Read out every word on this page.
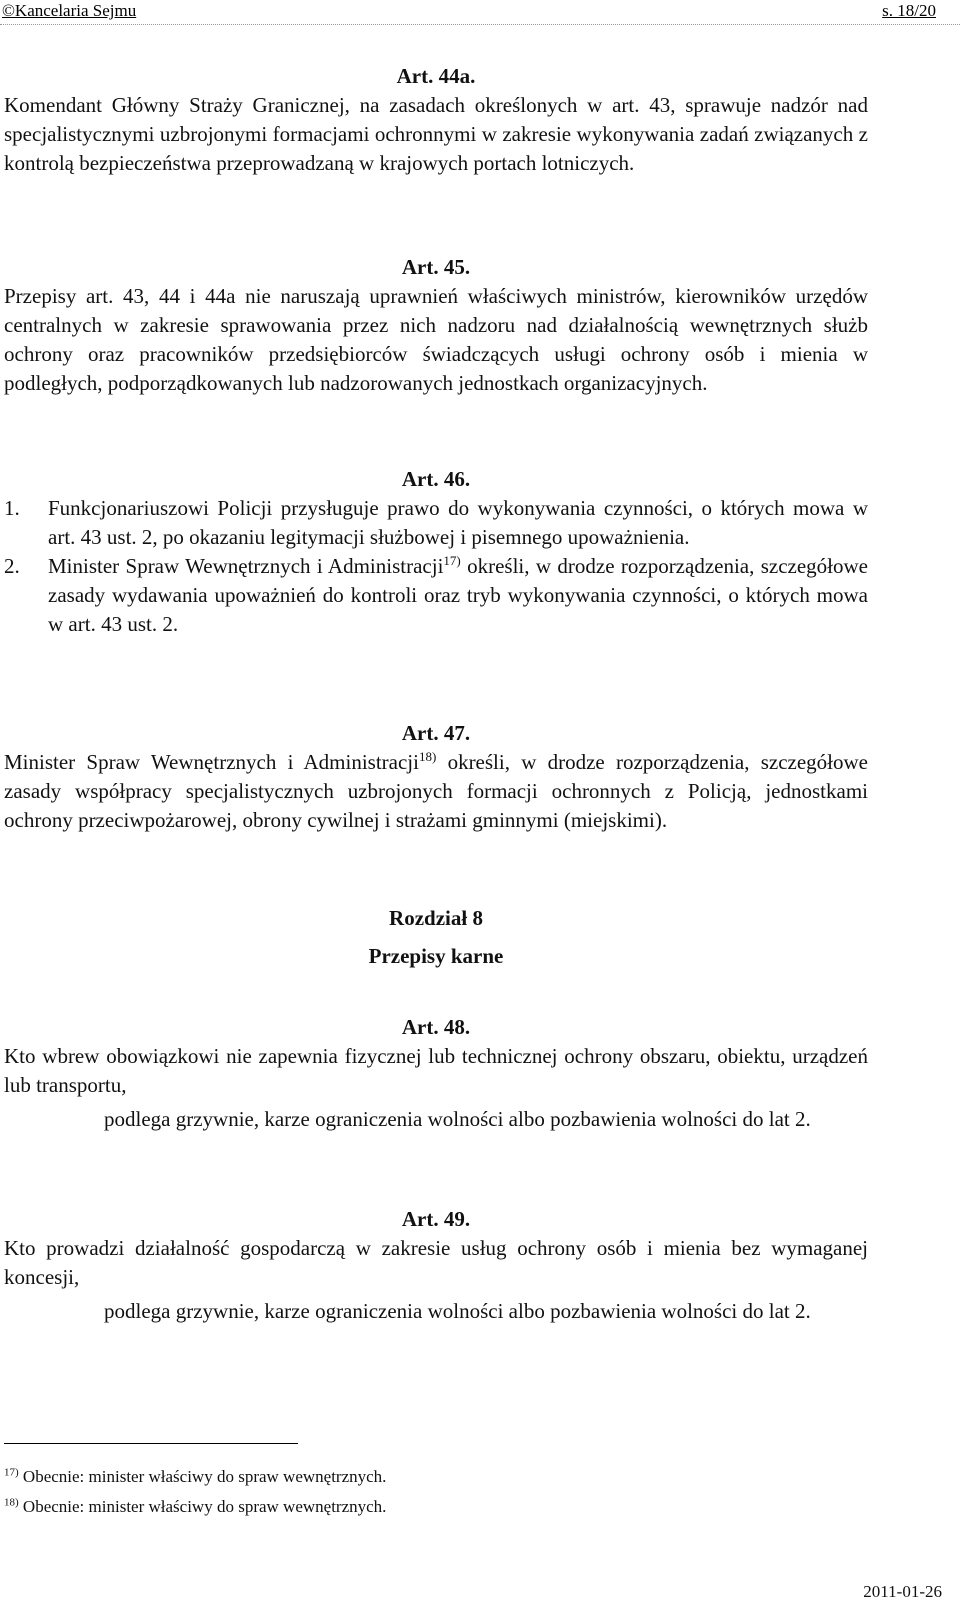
©Kancelaria Sejmu	s. 18/20
Art. 44a.

Komendant Główny Straży Granicznej, na zasadach określonych w art. 43, sprawuje nadzór nad specjalistycznymi uzbrojonymi formacjami ochronnymi w zakresie wykonywania zadań związanych z kontrolą bezpieczeństwa przeprowadzaną w krajowych portach lotniczych.

Art. 45.

Przepisy art. 43, 44 i 44a nie naruszają uprawnień właściwych ministrów, kierowników urzędów centralnych w zakresie sprawowania przez nich nadzoru nad działalnością wewnętrznych służb ochrony oraz pracowników przedsiębiorców świadczących usługi ochrony osób i mienia w podległych, podporządkowanych lub nadzorowanych jednostkach organizacyjnych.

Art. 46.
1.	Funkcjonariuszowi Policji przysługuje prawo do wykonywania czynności, o których mowa w art. 43 ust. 2, po okazaniu legitymacji służbowej i pisemnego upoważnienia.
2.	Minister Spraw Wewnętrznych i Administracji$^{17)}$ określi, w drodze rozporządzenia, szczegółowe zasady wydawania upoważnień do kontroli oraz tryb wykonywania czynności, o których mowa w art. 43 ust. 2.
Art. 47.

Minister Spraw Wewnętrznych i Administracji$^{18)}$ określi, w drodze rozporządzenia, szczegółowe zasady współpracy specjalistycznych uzbrojonych formacji ochronnych z Policją, jednostkami ochrony przeciwpożarowej, obrony cywilnej i strażami gminnymi (miejskimi).

Rozdział 8
Przepisy karne
Art. 48.

Kto wbrew obowiązkowi nie zapewnia fizycznej lub technicznej ochrony obszaru, obiektu, urządzeń lub transportu,

podlega grzywnie, karze ograniczenia wolności albo pozbawienia wolności do lat 2.

Art. 49.

Kto prowadzi działalność gospodarczą w zakresie usług ochrony osób i mienia bez wymaganej koncesji,

podlega grzywnie, karze ograniczenia wolności albo pozbawienia wolności do lat 2.

$^{17)}$ Obecnie: minister właściwy do spraw wewnętrznych.
$^{18)}$ Obecnie: minister właściwy do spraw wewnętrznych.
2011-01-26
